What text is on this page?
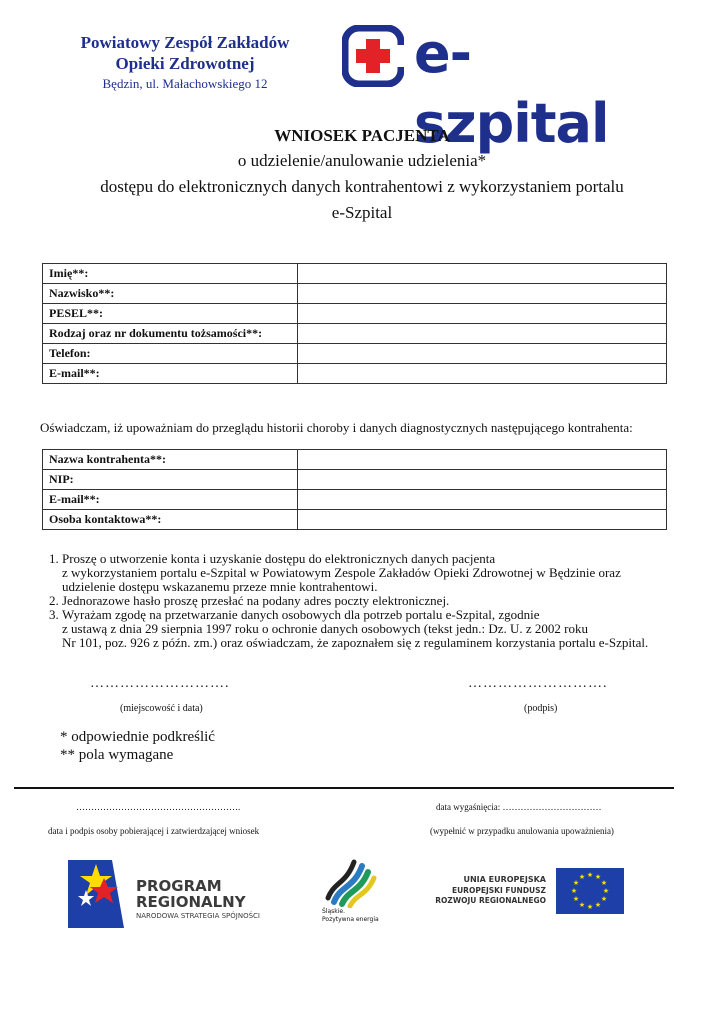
Powiatowy Zespół Zakładów
Opieki Zdrowotnej
Będzin, ul. Małachowskiego 12	e-szpital
WNIOSEK PACJENTA
o udzielenie/anulowanie udzielenia*
dostępu do elektronicznych danych kontrahentowi z wykorzystaniem portalu
e-Szpital
Imię**:	
Nazwisko**:	
PESEL**:	
Rodzaj oraz nr dokumentu tożsamości**:	
Telefon:	
E-mail**:	
Oświadczam, iż upoważniam do przeglądu historii choroby i danych diagnostycznych następującego kontrahenta:
Nazwa kontrahenta**:	
NIP:	
E-mail**:	
Osoba kontaktowa**:	
1. Proszę o utworzenie konta i uzyskanie dostępu do elektronicznych danych pacjenta
z wykorzystaniem portalu e-Szpital w Powiatowym Zespole Zakładów Opieki Zdrowotnej w Będzinie oraz
udzielenie dostępu wskazanemu przeze mnie kontrahentowi.
2. Jednorazowe hasło proszę przesłać na podany adres poczty elektronicznej.
3. Wyrażam zgodę na przetwarzanie danych osobowych dla potrzeb portalu e-Szpital, zgodnie
z ustawą z dnia 29 sierpnia 1997 roku o ochronie danych osobowych (tekst jedn.: Dz. U. z 2002 roku
Nr 101, poz. 926 z późn. zm.) oraz oświadczam, że zapoznałem się z regulaminem korzystania portalu e-Szpital.
……………………….	……………………….
(miejscowość i data)	(podpis)
* odpowiednie podkreślić
** pola wymagane
……………………………………………….	data wygaśnięcia: ……………………………
data i podpis osoby pobierającej i zatwierdzającej wniosek	(wypełnić w przypadku anulowania upoważnienia)
PROGRAM
REGIONALNY
NARODOWA STRATEGIA SPÓJNOŚCI
Śląskie.
Pozytywna energia
UNIA EUROPEJSKA
EUROPEJSKI FUNDUSZ
ROZWOJU REGIONALNEGO
★ ★
★
★
★
★
★
★
★
★
★
★
